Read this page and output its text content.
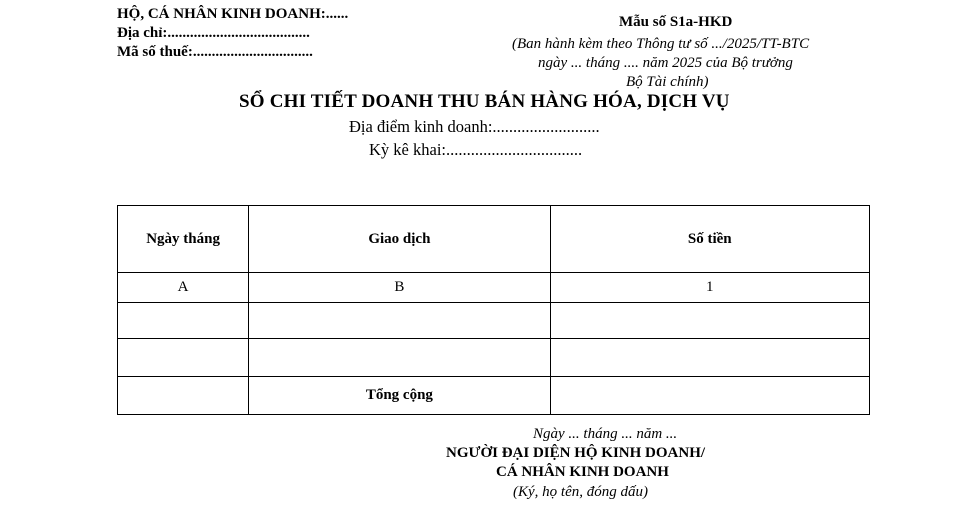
HỘ, CÁ NHÂN KINH DOANH:......
Địa chỉ:......................................
Mã số thuế:................................
Mẫu số S1a-HKD
(Ban hành kèm theo Thông tư số .../2025/TT-BTC
ngày ... tháng .... năm 2025 của Bộ trưởng
Bộ Tài chính)
SỔ CHI TIẾT DOANH THU BÁN HÀNG HÓA, DỊCH VỤ
Địa điểm kinh doanh:..........................
Kỳ kê khai:.................................
Ngày tháng	Giao dịch	Số tiền
A	B	1

	Tổng cộng	
Ngày ... tháng ... năm ...
NGƯỜI ĐẠI DIỆN HỘ KINH DOANH/
CÁ NHÂN KINH DOANH
(Ký, họ tên, đóng dấu)
